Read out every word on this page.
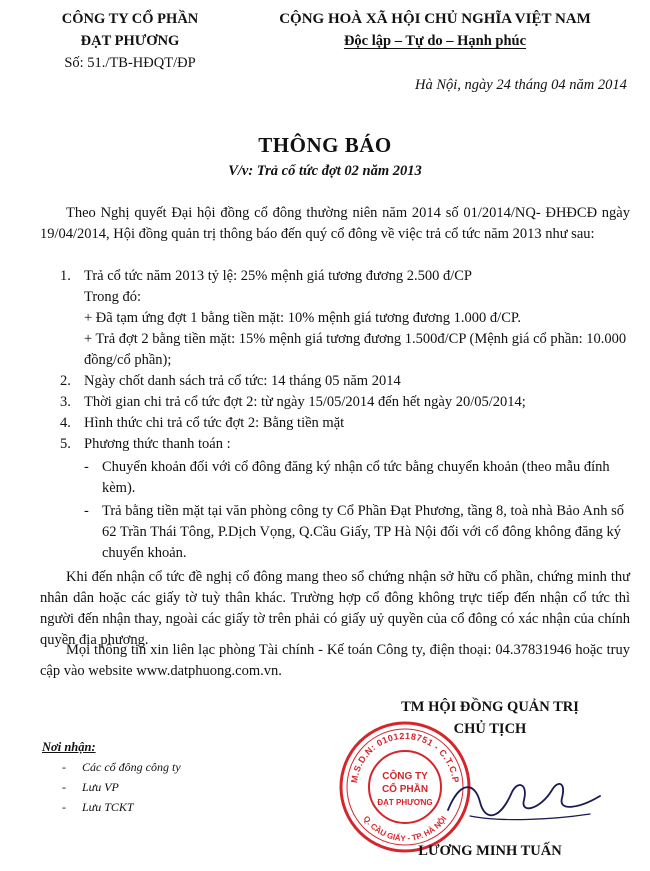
CÔNG TY CỔ PHẦN
ĐẠT PHƯƠNG
Số: 51./TB-HĐQT/ĐP
CỘNG HOÀ XÃ HỘI CHỦ NGHĨA VIỆT NAM
Độc lập – Tự do – Hạnh phúc
Hà Nội, ngày 24 tháng 04 năm 2014
THÔNG BÁO
V/v: Trả cổ tức đợt 02 năm 2013
Theo Nghị quyết Đại hội đồng cổ đông thường niên năm 2014 số 01/2014/NQ- ĐHĐCĐ ngày 19/04/2014, Hội đồng quản trị thông báo đến quý cổ đông về việc trả cổ tức năm 2013 như sau:
1. Trả cổ tức năm 2013 tỷ lệ: 25% mệnh giá tương đương 2.500 đ/CP
Trong đó:
+ Đã tạm ứng đợt 1 bằng tiền mặt: 10% mệnh giá tương đương 1.000 đ/CP.
+ Trả đợt 2 bằng tiền mặt: 15% mệnh giá tương đương 1.500đ/CP (Mệnh giá cổ phần: 10.000 đồng/cổ phần);
2. Ngày chốt danh sách trả cổ tức: 14 tháng 05 năm 2014
3. Thời gian chi trả cổ tức đợt 2: từ ngày 15/05/2014 đến hết ngày 20/05/2014;
4. Hình thức chi trả cổ tức đợt 2: Bằng tiền mặt
5. Phương thức thanh toán :
- Chuyển khoản đối với cổ đông đăng ký nhận cổ tức bằng chuyển khoản (theo mẫu đính kèm).
- Trả bằng tiền mặt tại văn phòng công ty Cổ Phần Đạt Phương, tầng 8, toà nhà Bảo Anh số 62 Trần Thái Tông, P.Dịch Vọng, Q.Cầu Giấy, TP Hà Nội đối với cổ đông không đăng ký chuyển khoản.
Khi đến nhận cổ tức đề nghị cổ đông mang theo sổ chứng nhận sở hữu cổ phần, chứng minh thư nhân dân hoặc các giấy tờ tuỳ thân khác. Trường hợp cổ đông không trực tiếp đến nhận cổ tức thì người đến nhận thay, ngoài các giấy tờ trên phải có giấy uỷ quyền của cổ đông có xác nhận của chính quyền địa phương.
Mọi thông tin xin liên lạc phòng Tài chính - Kế toán Công ty, điện thoại: 04.37831946 hoặc truy cập vào website www.datphuong.com.vn.
TM HỘI ĐỒNG QUẢN TRỊ
CHỦ TỊCH
M.S.D.N: 0101218751 - C.T.C.P
Q. CẦU GIẤY - TP. HÀ NỘI
CÔNG TY
CỔ PHẦN
ĐẠT PHƯƠNG
LƯƠNG MINH TUẤN
Nơi nhận:
-	Các cổ đông công ty
-	Lưu VP
-	Lưu TCKT
